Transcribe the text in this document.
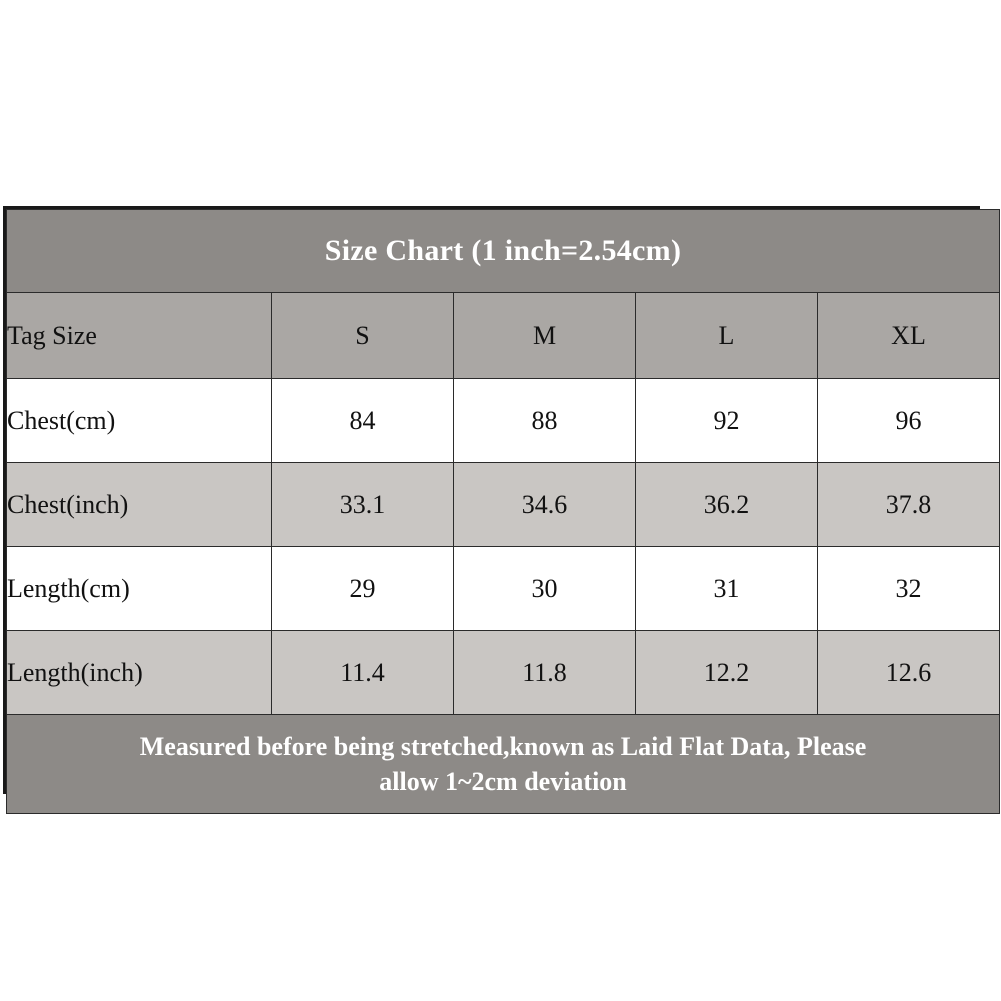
Size Chart (1 inch=2.54cm)				
Tag Size	S	M	L	XL
Chest(cm)	84	88	92	96
Chest(inch)	33.1	34.6	36.2	37.8
Length(cm)	29	30	31	32
Length(inch)	11.4	11.8	12.2	12.6

Measured before being stretched,known as Laid Flat Data, Please
allow 1~2cm deviation				
